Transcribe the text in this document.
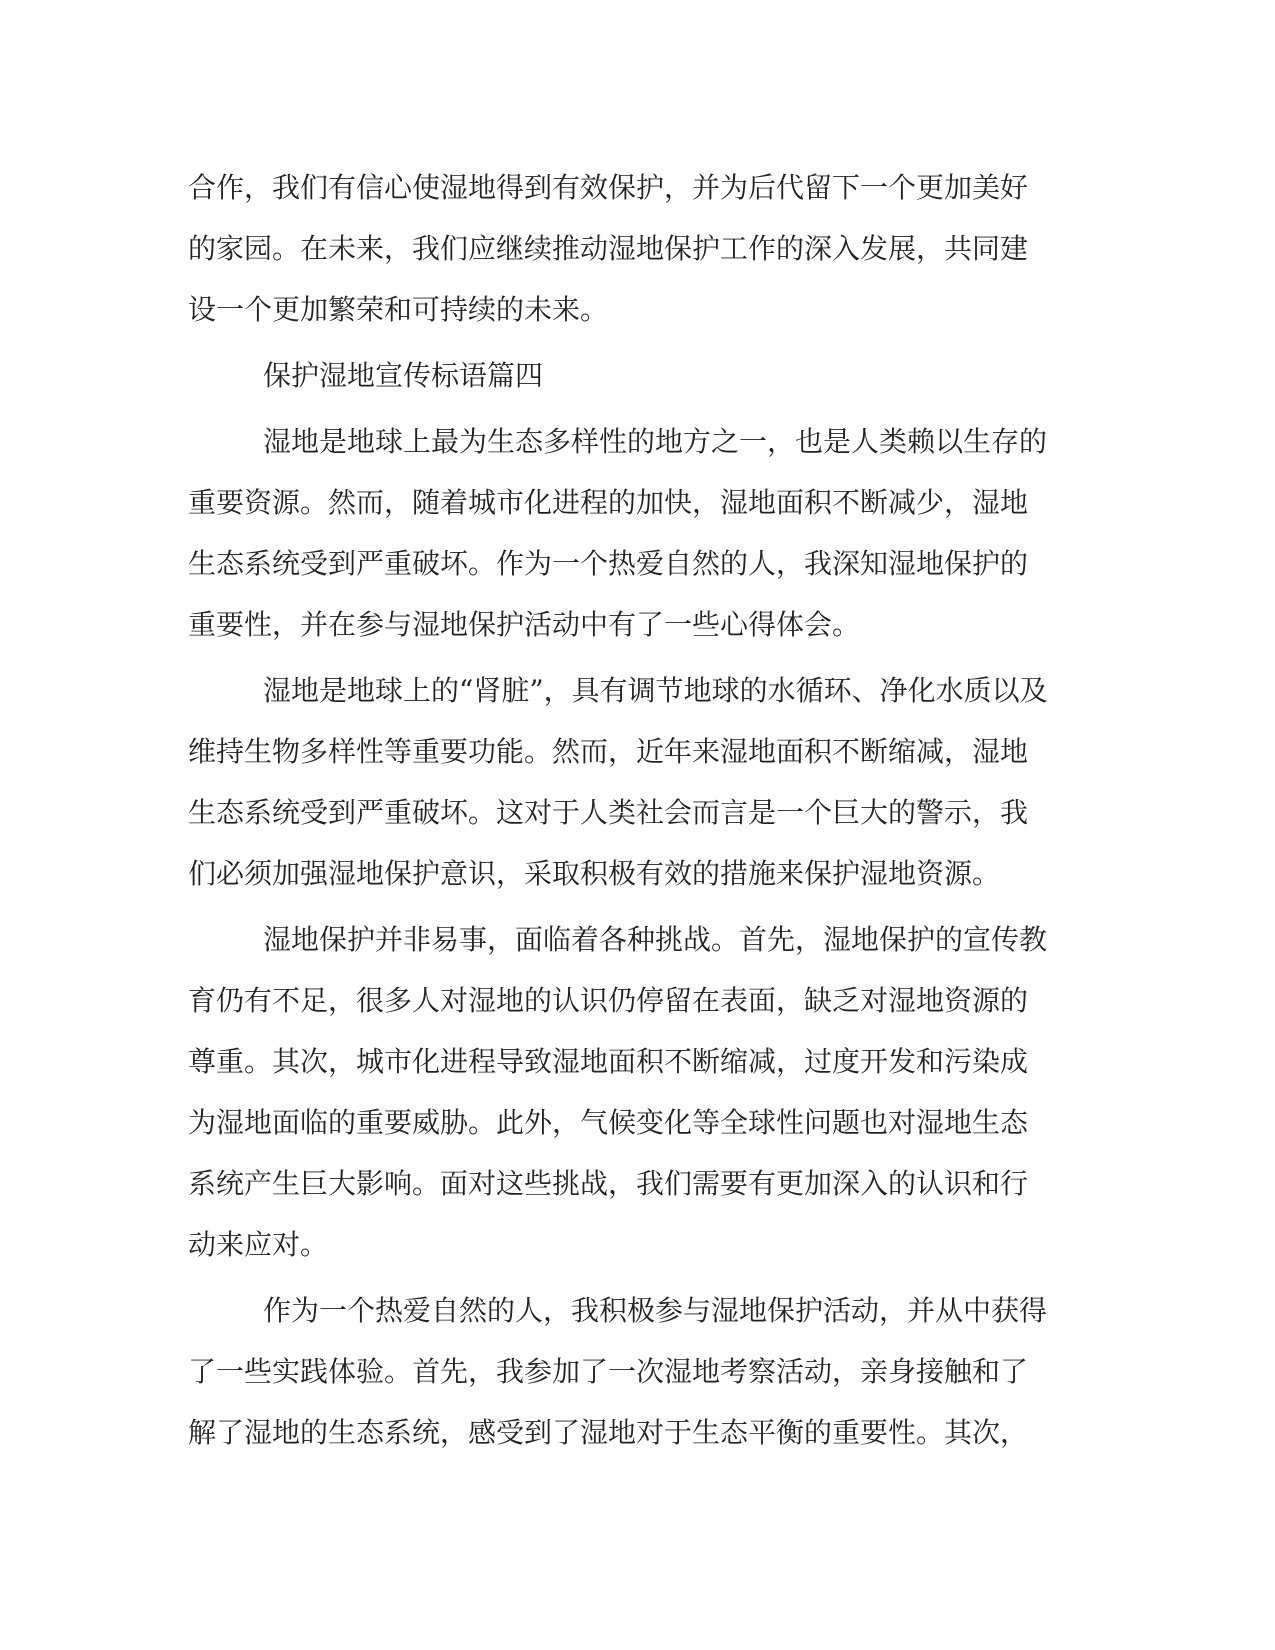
合作，我们有信心使湿地得到有效保护，并为后代留下一个更加美好
的家园。在未来，我们应继续推动湿地保护工作的深入发展，共同建
设一个更加繁荣和可持续的未来。
保护湿地宣传标语篇四
湿地是地球上最为生态多样性的地方之一，也是人类赖以生存的
重要资源。然而，随着城市化进程的加快，湿地面积不断减少，湿地
生态系统受到严重破坏。作为一个热爱自然的人，我深知湿地保护的
重要性，并在参与湿地保护活动中有了一些心得体会。
湿地是地球上的“肾脏”，具有调节地球的水循环、净化水质以及
维持生物多样性等重要功能。然而，近年来湿地面积不断缩减，湿地
生态系统受到严重破坏。这对于人类社会而言是一个巨大的警示，我
们必须加强湿地保护意识，采取积极有效的措施来保护湿地资源。
湿地保护并非易事，面临着各种挑战。首先，湿地保护的宣传教
育仍有不足，很多人对湿地的认识仍停留在表面，缺乏对湿地资源的
尊重。其次，城市化进程导致湿地面积不断缩减，过度开发和污染成
为湿地面临的重要威胁。此外，气候变化等全球性问题也对湿地生态
系统产生巨大影响。面对这些挑战，我们需要有更加深入的认识和行
动来应对。
作为一个热爱自然的人，我积极参与湿地保护活动，并从中获得
了一些实践体验。首先，我参加了一次湿地考察活动，亲身接触和了
解了湿地的生态系统，感受到了湿地对于生态平衡的重要性。其次，
